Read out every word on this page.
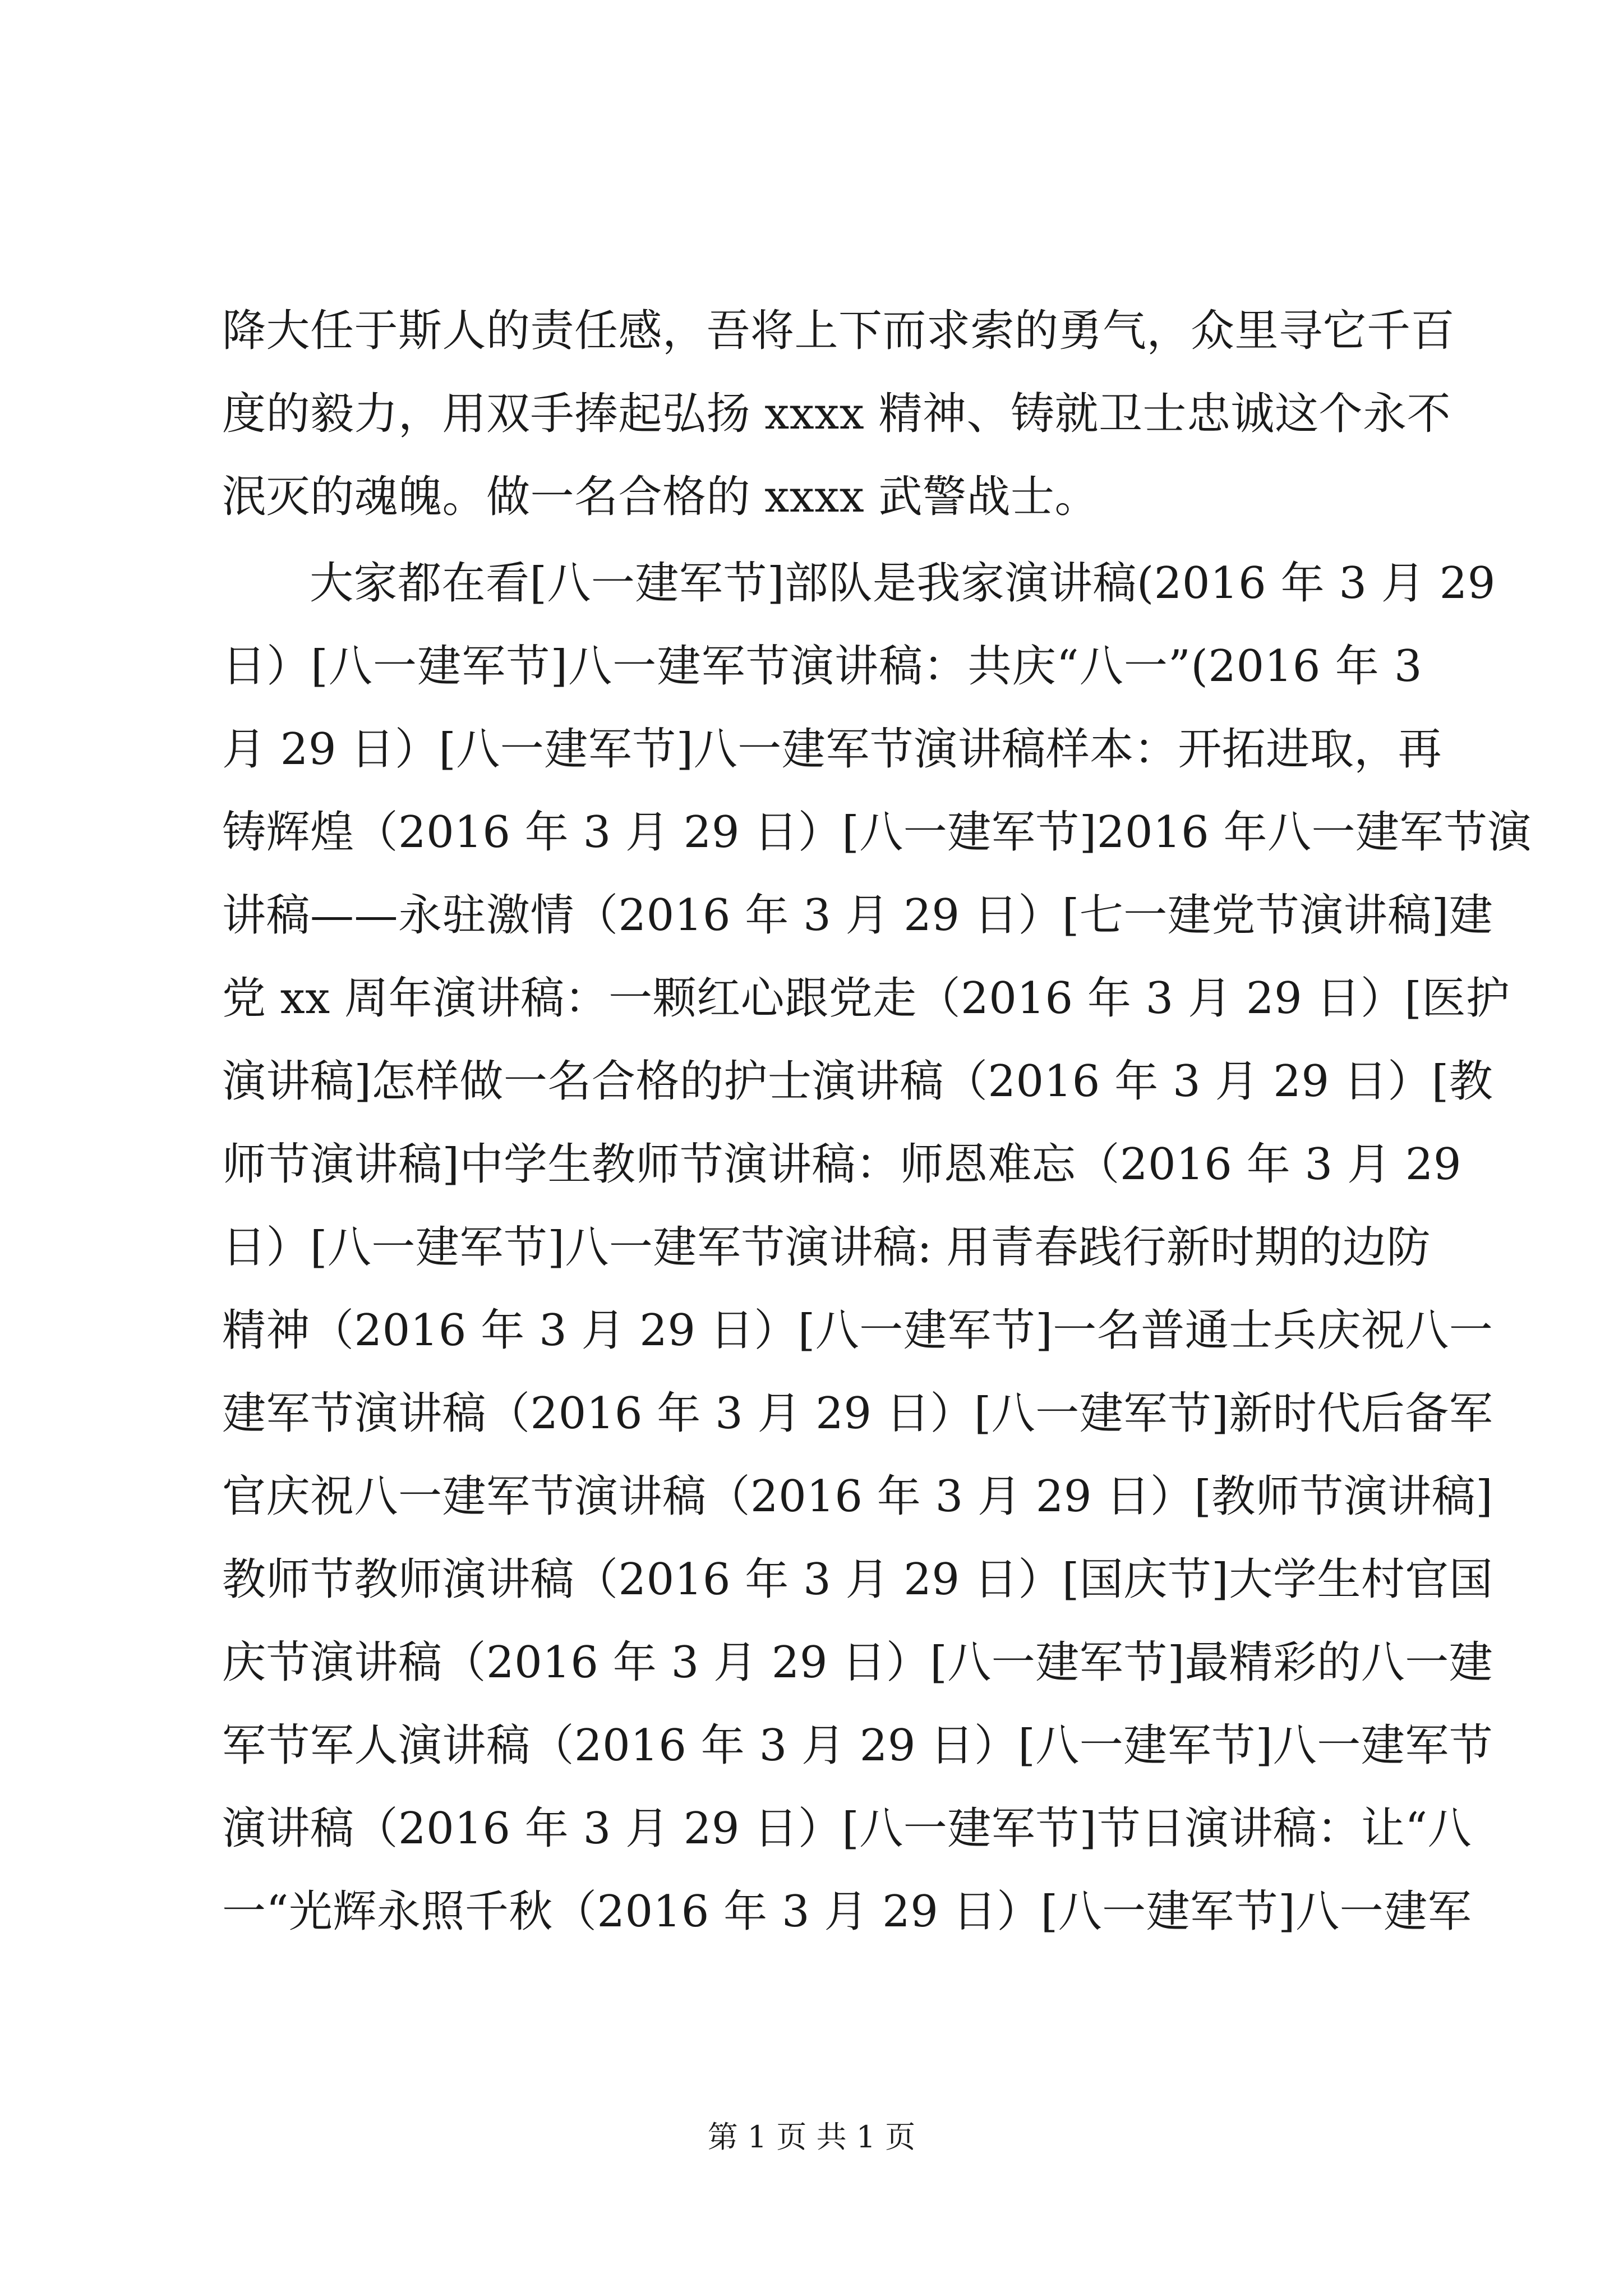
降大任于斯人的责任感，吾将上下而求索的勇气，众里寻它千百
度的毅力，用双手捧起弘扬 xxxx 精神、铸就卫士忠诚这个永不
泯灭的魂魄。做一名合格的 xxxx 武警战士。
大家都在看[八一建军节]部队是我家演讲稿(2016 年 3 月 29
日）[八一建军节]八一建军节演讲稿：共庆“八一”(2016 年 3
月 29 日）[八一建军节]八一建军节演讲稿样本：开拓进取，再
铸辉煌（2016 年 3 月 29 日）[八一建军节]2016 年八一建军节演
讲稿——永驻激情（2016 年 3 月 29 日）[七一建党节演讲稿]建
党 xx 周年演讲稿：一颗红心跟党走（2016 年 3 月 29 日）[医护
演讲稿]怎样做一名合格的护士演讲稿（2016 年 3 月 29 日）[教
师节演讲稿]中学生教师节演讲稿：师恩难忘（2016 年 3 月 29
日）[八一建军节]八一建军节演讲稿: 用青春践行新时期的边防
精神（2016 年 3 月 29 日）[八一建军节]一名普通士兵庆祝八一
建军节演讲稿（2016 年 3 月 29 日）[八一建军节]新时代后备军
官庆祝八一建军节演讲稿（2016 年 3 月 29 日）[教师节演讲稿]
教师节教师演讲稿（2016 年 3 月 29 日）[国庆节]大学生村官国
庆节演讲稿（2016 年 3 月 29 日）[八一建军节]最精彩的八一建
军节军人演讲稿（2016 年 3 月 29 日）[八一建军节]八一建军节
演讲稿（2016 年 3 月 29 日）[八一建军节]节日演讲稿：让“八
一“光辉永照千秋（2016 年 3 月 29 日）[八一建军节]八一建军
第 1 页 共 1 页
